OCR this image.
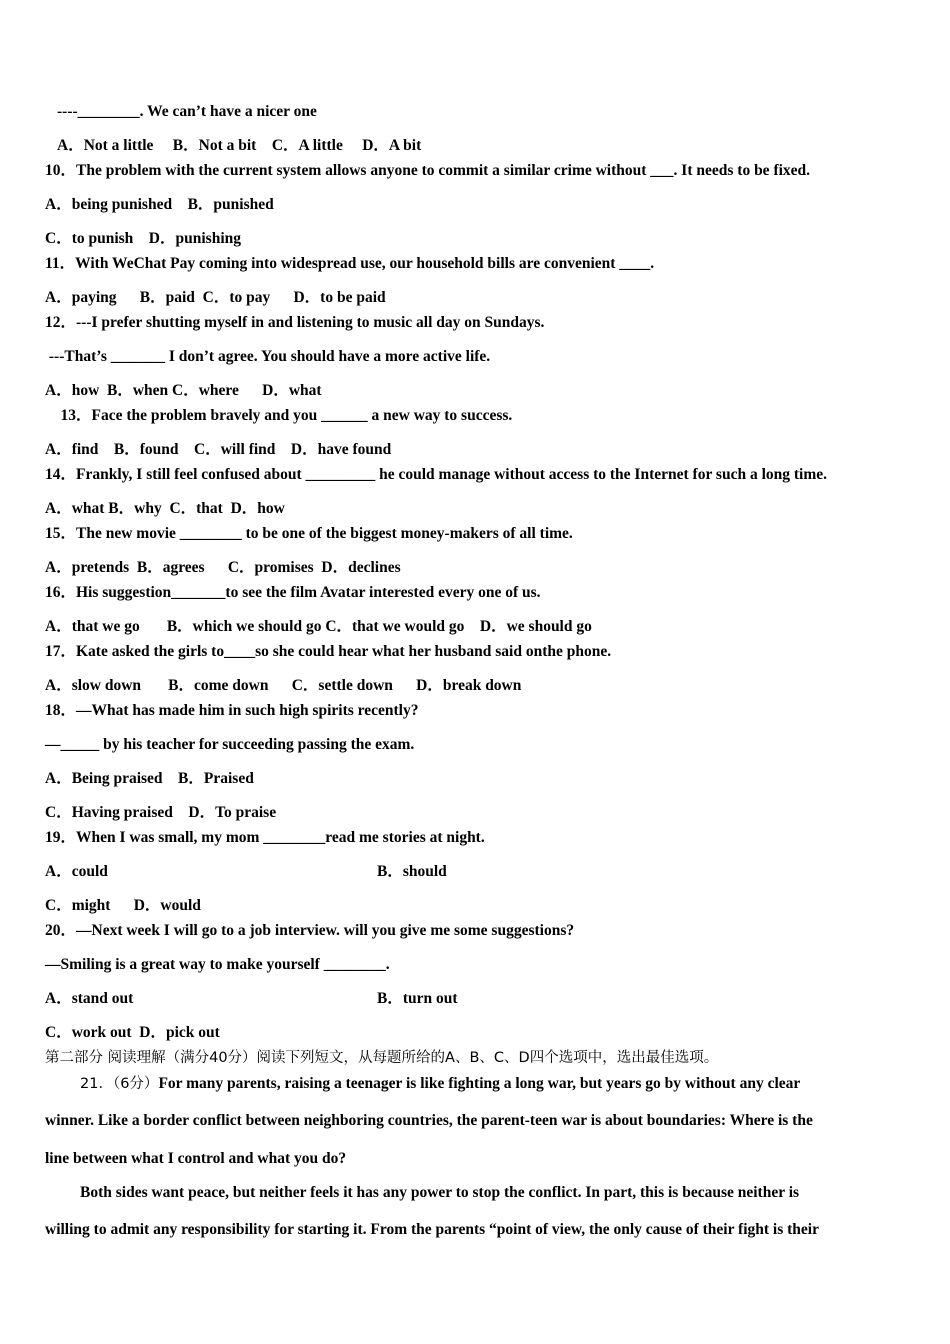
----________. We can’t have a nicer one
A．Not a little     B．Not a bit    C．A little     D．A bit
10．The problem with the current system allows anyone to commit a similar crime without ___. It needs to be fixed.
A．being punished    B．punished
C．to punish    D．punishing
11．With WeChat Pay coming into widespread use, our household bills are convenient ____.
A．paying      B．paid  C．to pay      D．to be paid
12．---I prefer shutting myself in and listening to music all day on Sundays.
---That’s _______ I don’t agree. You should have a more active life.
A．how  B．when C．where      D．what
13．Face the problem bravely and you ______ a new way to success.
A．find    B．found    C．will find    D．have found
14．Frankly, I still feel confused about _________ he could manage without access to the Internet for such a long time.
A．what B．why  C．that  D．how
15．The new movie ________ to be one of the biggest money-makers of all time.
A．pretends  B．agrees      C．promises  D．declines
16．His suggestion_______to see the film Avatar interested every one of us.
A．that we go       B．which we should go C．that we would go    D．we should go
17．Kate asked the girls to____so she could hear what her husband said onthe phone.
A．slow down       B．come down      C．settle down      D．break down
18．—What has made him in such high spirits recently?
—_____ by his teacher for succeeding passing the exam.
A．Being praised    B．Praised
C．Having praised    D．To praise
19．When I was small, my mom ________read me stories at night.
A．could	B．should
C．might      D．would
20．—Next week I will go to a job interview. will you give me some suggestions?
—Smiling is a great way to make yourself ________.
A．stand out	B．turn out
C．work out  D．pick out
第二部分 阅读理解（满分40分）阅读下列短文，从每题所给的A、B、C、D四个选项中，选出最佳选项。
21．（6分）For many parents, raising a teenager is like fighting a long war, but years go by without any clear
winner. Like a border conflict between neighboring countries, the parent-teen war is about boundaries: Where is the
line between what I control and what you do?
Both sides want peace, but neither feels it has any power to stop the conflict. In part, this is because neither is
willing to admit any responsibility for starting it. From the parents “point of view, the only cause of their fight is their
